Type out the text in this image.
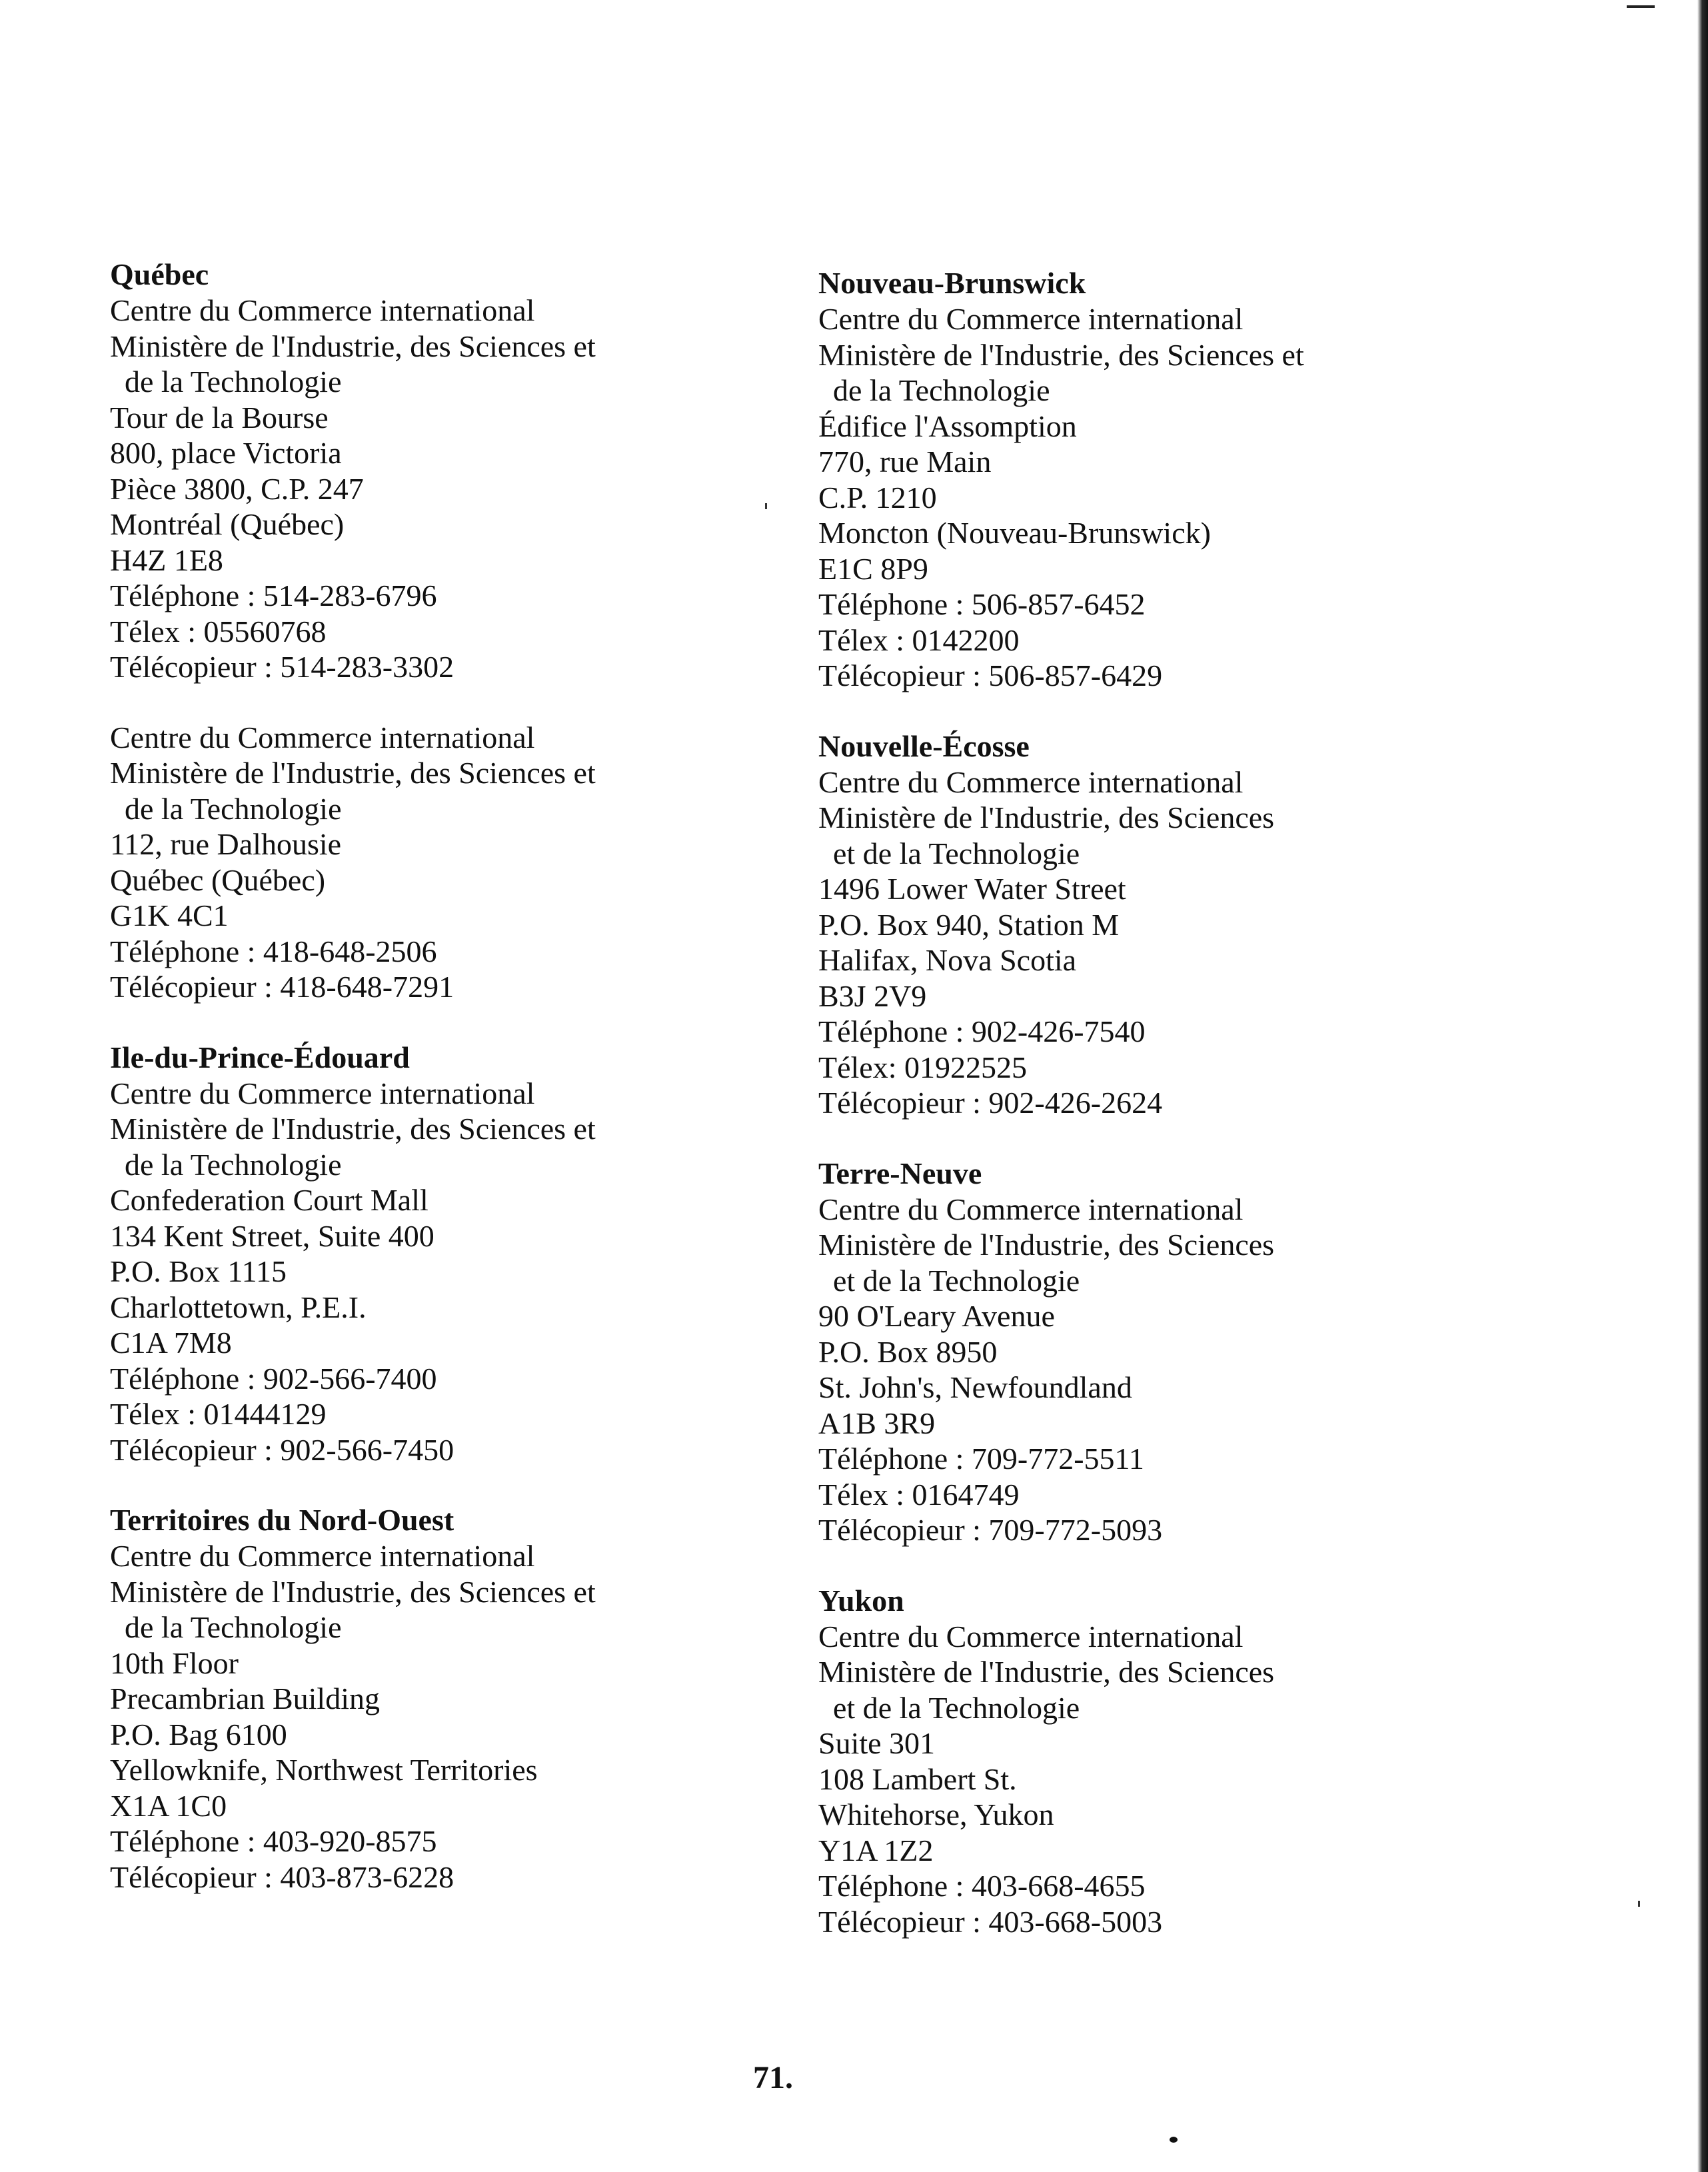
Québec
Centre du Commerce international
Ministère de l'Industrie, des Sciences et
de la Technologie
Tour de la Bourse
800, place Victoria
Pièce 3800, C.P. 247
Montréal (Québec)
H4Z 1E8
Téléphone : 514-283-6796
Télex : 05560768
Télécopieur : 514-283-3302
Centre du Commerce international
Ministère de l'Industrie, des Sciences et
de la Technologie
112, rue Dalhousie
Québec (Québec)
G1K 4C1
Téléphone : 418-648-2506
Télécopieur : 418-648-7291
Ile-du-Prince-Édouard
Centre du Commerce international
Ministère de l'Industrie, des Sciences et
de la Technologie
Confederation Court Mall
134 Kent Street, Suite 400
P.O. Box 1115
Charlottetown, P.E.I.
C1A 7M8
Téléphone : 902-566-7400
Télex : 01444129
Télécopieur : 902-566-7450
Territoires du Nord-Ouest
Centre du Commerce international
Ministère de l'Industrie, des Sciences et
de la Technologie
10th Floor
Precambrian Building
P.O. Bag 6100
Yellowknife, Northwest Territories
X1A 1C0
Téléphone : 403-920-8575
Télécopieur : 403-873-6228
Nouveau-Brunswick
Centre du Commerce international
Ministère de l'Industrie, des Sciences et
de la Technologie
Édifice l'Assomption
770, rue Main
C.P. 1210
Moncton (Nouveau-Brunswick)
E1C 8P9
Téléphone : 506-857-6452
Télex : 0142200
Télécopieur : 506-857-6429
Nouvelle-Écosse
Centre du Commerce international
Ministère de l'Industrie, des Sciences
et de la Technologie
1496 Lower Water Street
P.O. Box 940, Station M
Halifax, Nova Scotia
B3J 2V9
Téléphone : 902-426-7540
Télex: 01922525
Télécopieur : 902-426-2624
Terre-Neuve
Centre du Commerce international
Ministère de l'Industrie, des Sciences
et de la Technologie
90 O'Leary Avenue
P.O. Box 8950
St. John's, Newfoundland
A1B 3R9
Téléphone : 709-772-5511
Télex : 0164749
Télécopieur : 709-772-5093
Yukon
Centre du Commerce international
Ministère de l'Industrie, des Sciences
et de la Technologie
Suite 301
108 Lambert St.
Whitehorse, Yukon
Y1A 1Z2
Téléphone : 403-668-4655
Télécopieur : 403-668-5003
71.
